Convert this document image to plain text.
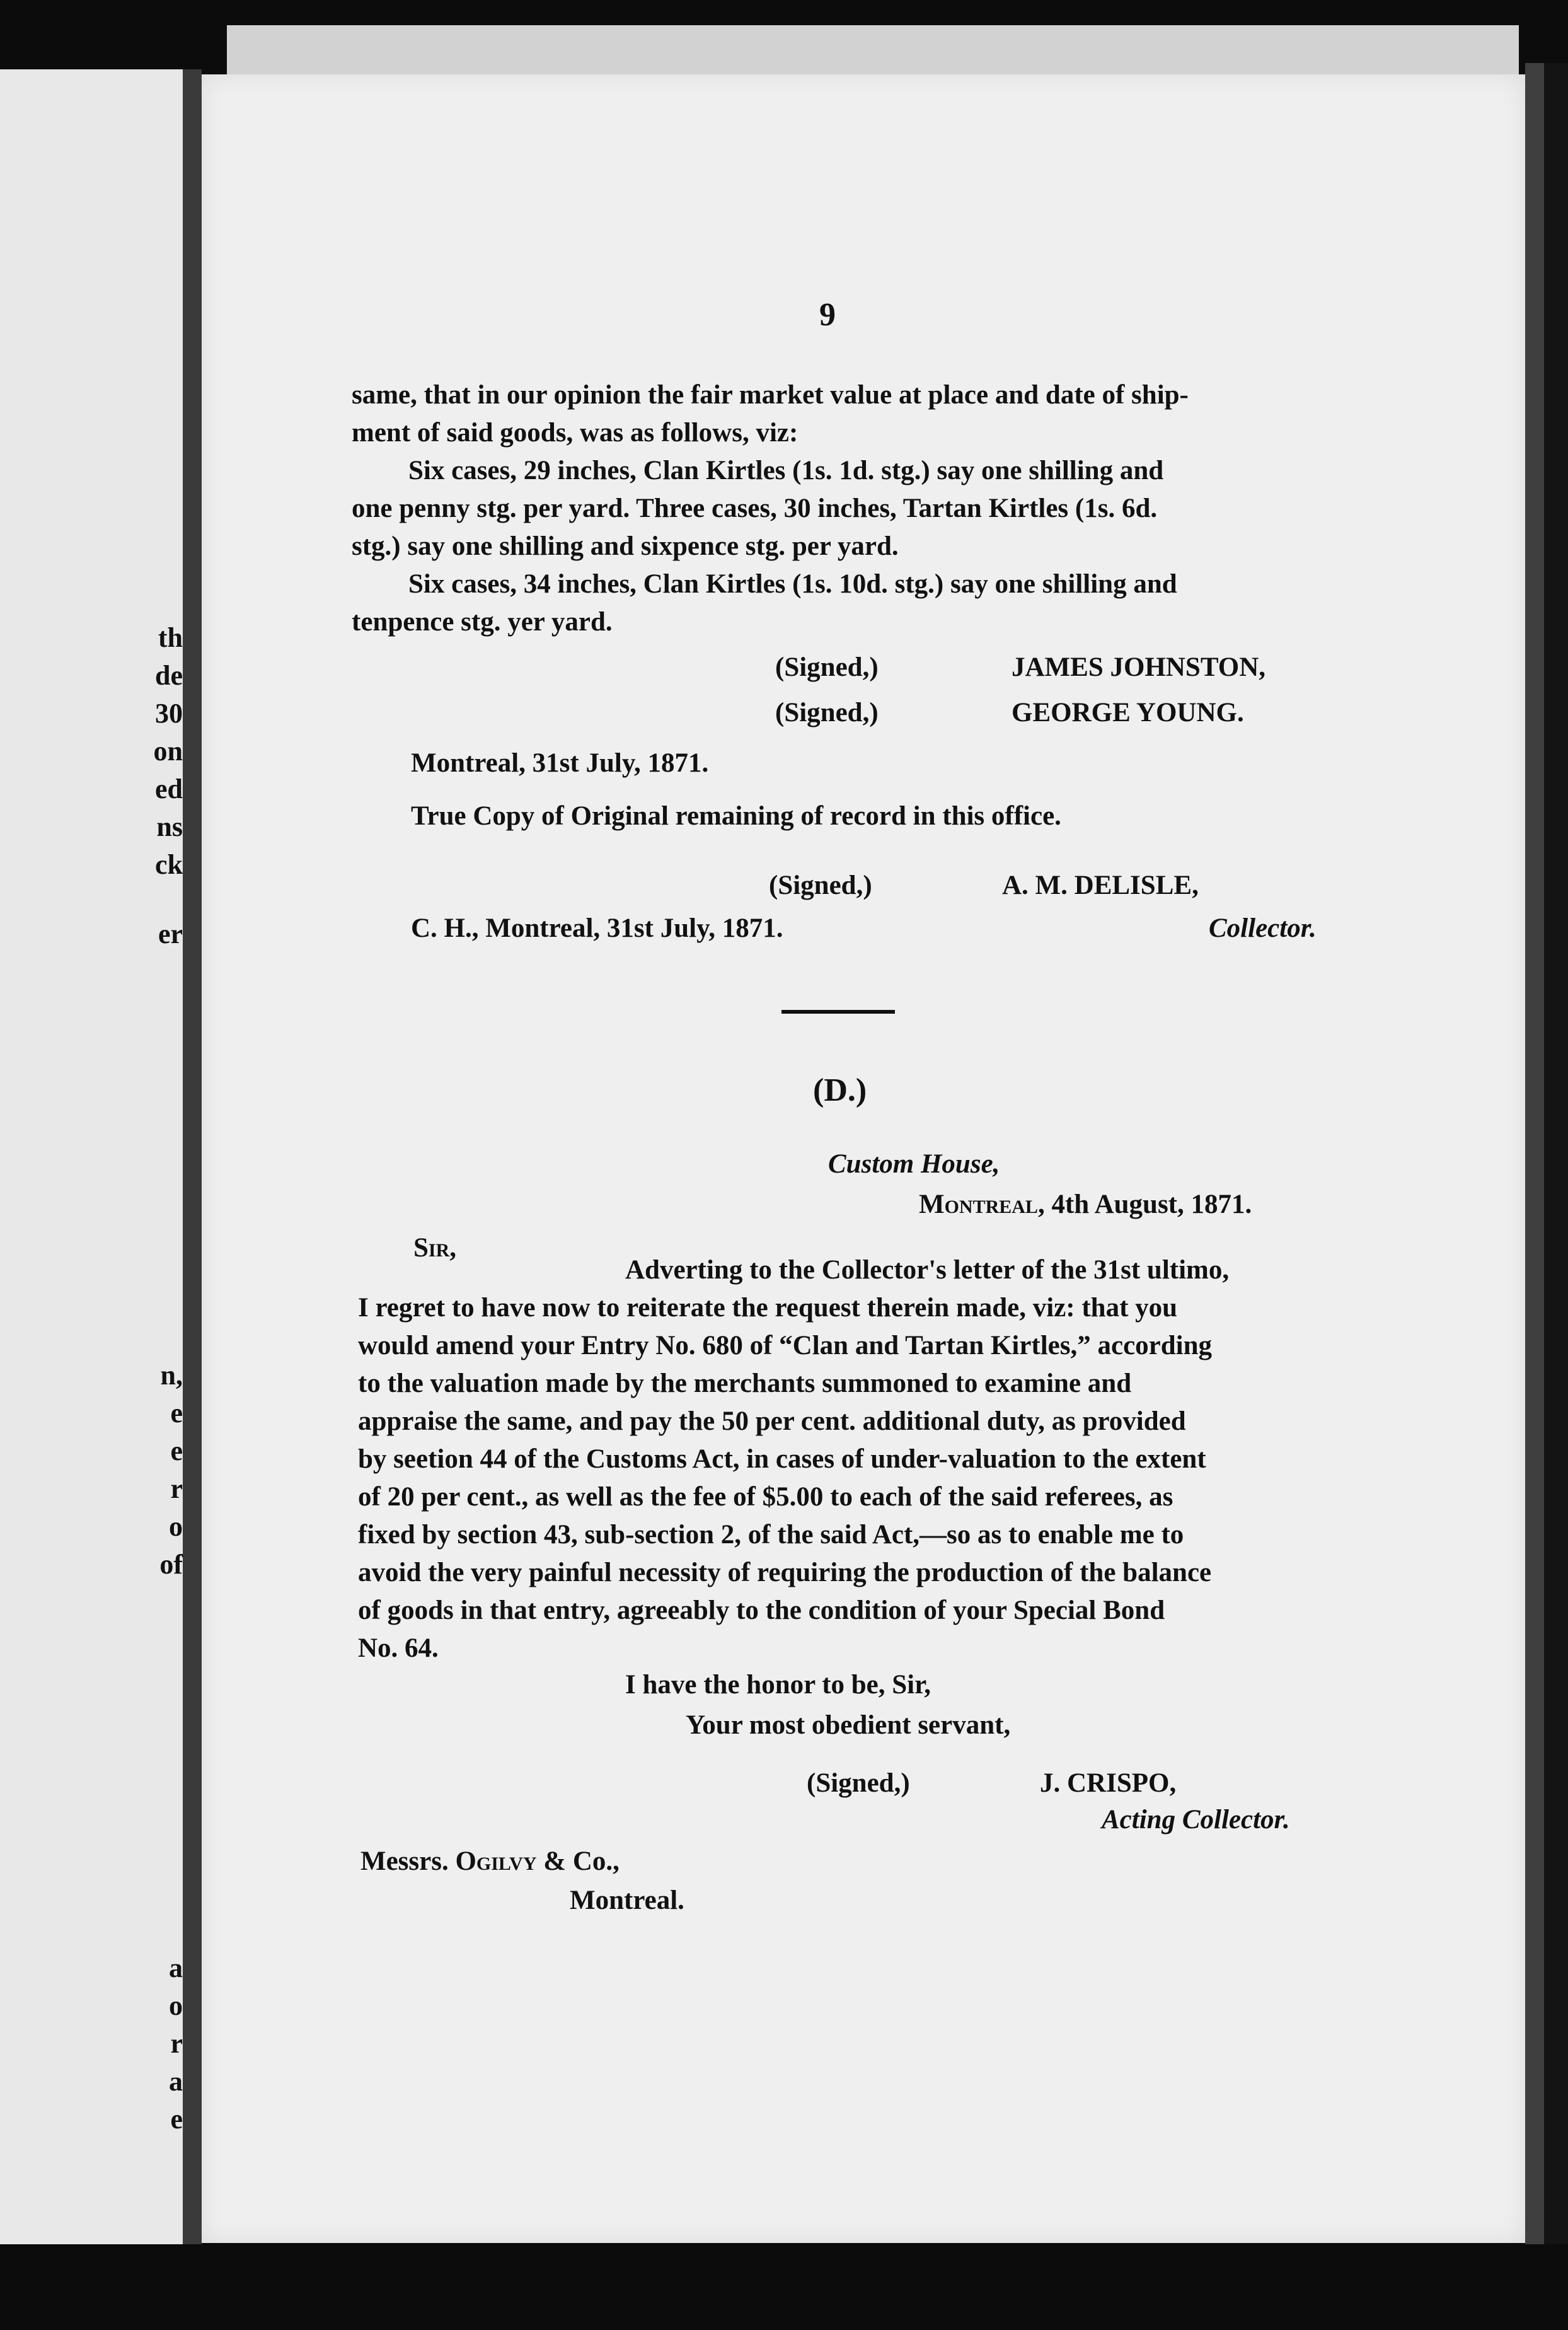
th
de
30
on
ed
ns
ck
er
n,
e
e
r
o
of
a
o
r
a
e
9
same, that in our opinion the fair market value at place and date of ship-
ment of said goods, was as follows, viz:
Six cases, 29 inches, Clan Kirtles (1s. 1d. stg.) say one shilling and
one penny stg. per yard. Three cases, 30 inches, Tartan Kirtles (1s. 6d.
stg.) say one shilling and sixpence stg. per yard.
Six cases, 34 inches, Clan Kirtles (1s. 10d. stg.) say one shilling and
tenpence stg. yer yard.
(Signed,)	JAMES JOHNSTON,
(Signed,)	GEORGE YOUNG.
Montreal, 31st July, 1871.
True Copy of Original remaining of record in this office.
(Signed,)	A. M. DELISLE,
C. H., Montreal, 31st July, 1871.	Collector.
(D.)
Custom House,
Montreal, 4th August, 1871.
Sir,
Adverting to the Collector's letter of the 31st ultimo,
I regret to have now to reiterate the request therein made, viz: that you
would amend your Entry No. 680 of “Clan and Tartan Kirtles,” according
to the valuation made by the merchants summoned to examine and
appraise the same, and pay the 50 per cent. additional duty, as provided
by seetion 44 of the Customs Act, in cases of under-valuation to the extent
of 20 per cent., as well as the fee of $5.00 to each of the said referees, as
fixed by section 43, sub-section 2, of the said Act,—so as to enable me to
avoid the very painful necessity of requiring the production of the balance
of goods in that entry, agreeably to the condition of your Special Bond
No. 64.
I have the honor to be, Sir,
Your most obedient servant,
(Signed,)	J. CRISPO,
Acting Collector.
Messrs. Ogilvy & Co.,
Montreal.
